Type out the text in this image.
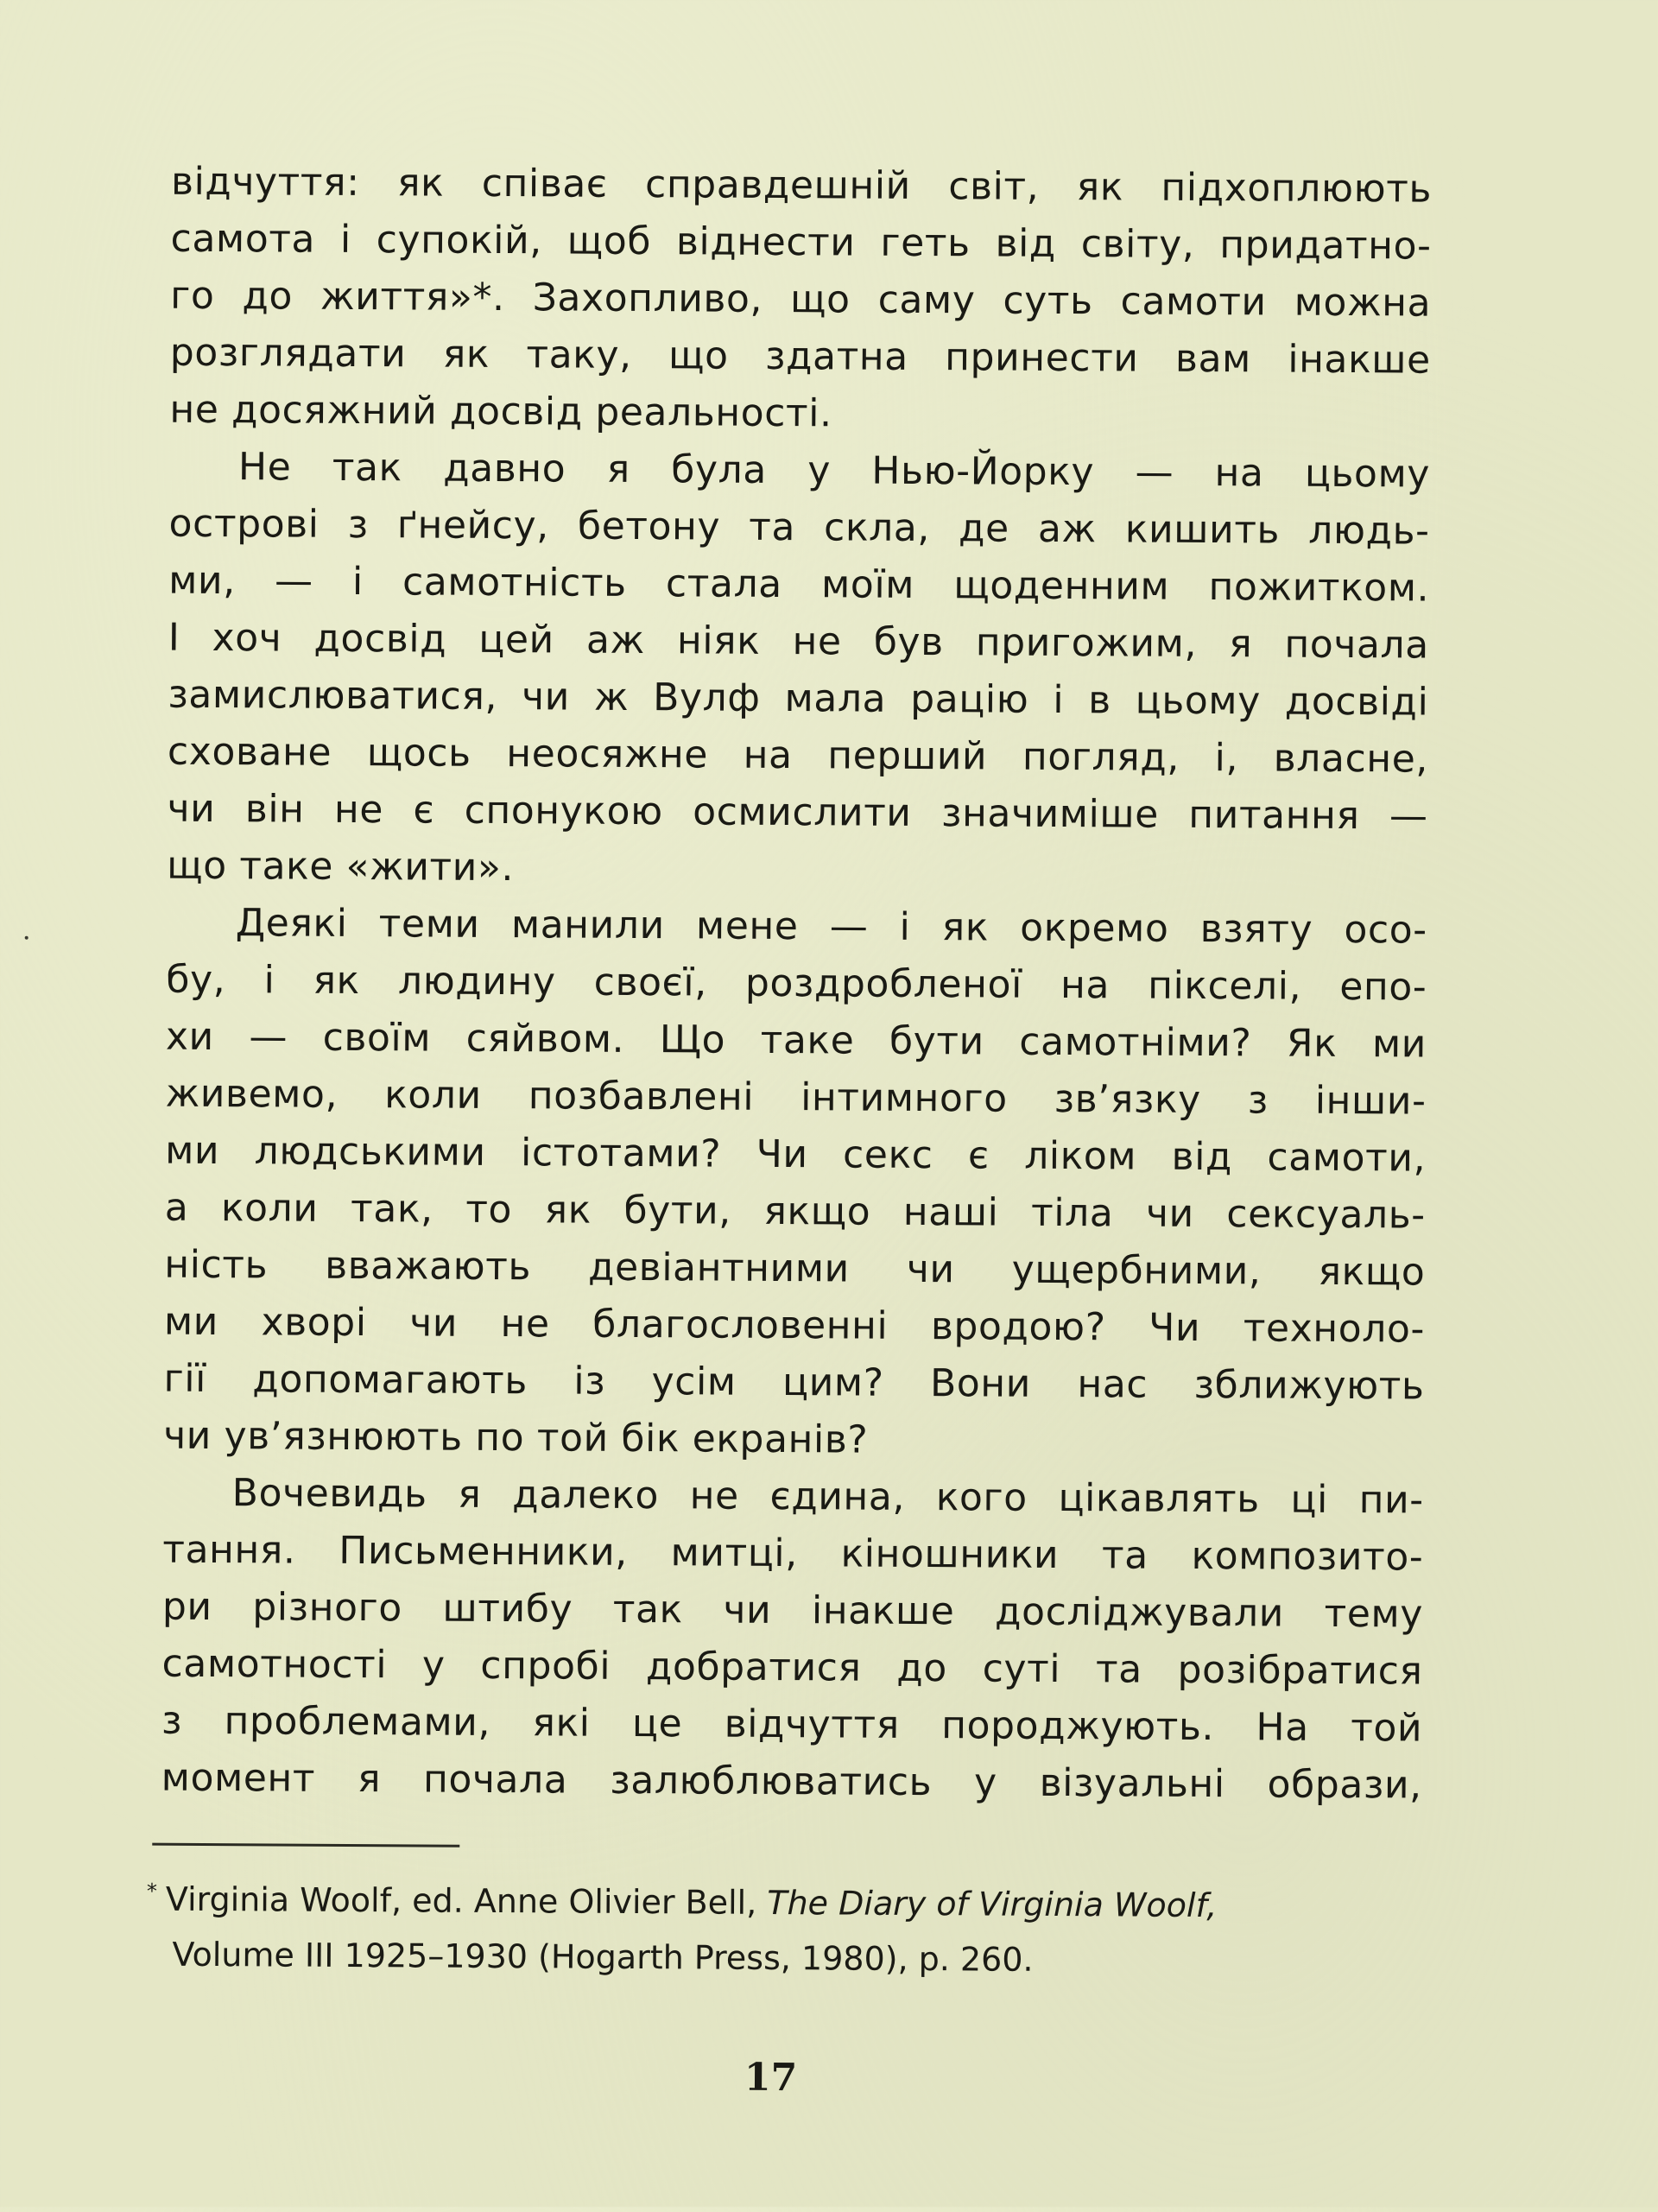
відчуття: як співає справдешній світ, як підхоплюють
самота і супокій, щоб віднести геть від світу, придатно-
го до життя»*. Захопливо, що саму суть самоти можна
розглядати як таку, що здатна принести вам інакше
не досяжний досвід реальності.
Не так давно я була у Нью-Йорку — на цьому
острові з ґнейсу, бетону та скла, де аж кишить людь-
ми, — і самотність стала моїм щоденним пожитком.
І хоч досвід цей аж ніяк не був пригожим, я почала
замислюватися, чи ж Вулф мала рацію і в цьому досвіді
сховане щось неосяжне на перший погляд, і, власне,
чи він не є спонукою осмислити значиміше питання —
що таке «жити».
Деякі теми манили мене — і як окремо взяту осо-
бу, і як людину своєї, роздробленої на пікселі, епо-
хи — своїм сяйвом. Що таке бути самотніми? Як ми
живемо, коли позбавлені інтимного зв’язку з інши-
ми людськими істотами? Чи секс є ліком від самоти,
а коли так, то як бути, якщо наші тіла чи сексуаль-
ність вважають девіантними чи ущербними, якщо
ми хворі чи не благословенні вродою? Чи техноло-
гії допомагають із усім цим? Вони нас зближують
чи ув’язнюють по той бік екранів?
Вочевидь я далеко не єдина, кого цікавлять ці пи-
тання. Письменники, митці, кіношники та композито-
ри різного штибу так чи інакше досліджували тему
самотності у спробі добратися до суті та розібратися
з проблемами, які це відчуття породжують. На той
момент я почала залюблюватись у візуальні образи,
* Virginia Woolf, ed. Anne Olivier Bell, The Diary of Virginia Woolf,
Volume III 1925–1930 (Hogarth Press, 1980), p. 260.
17
